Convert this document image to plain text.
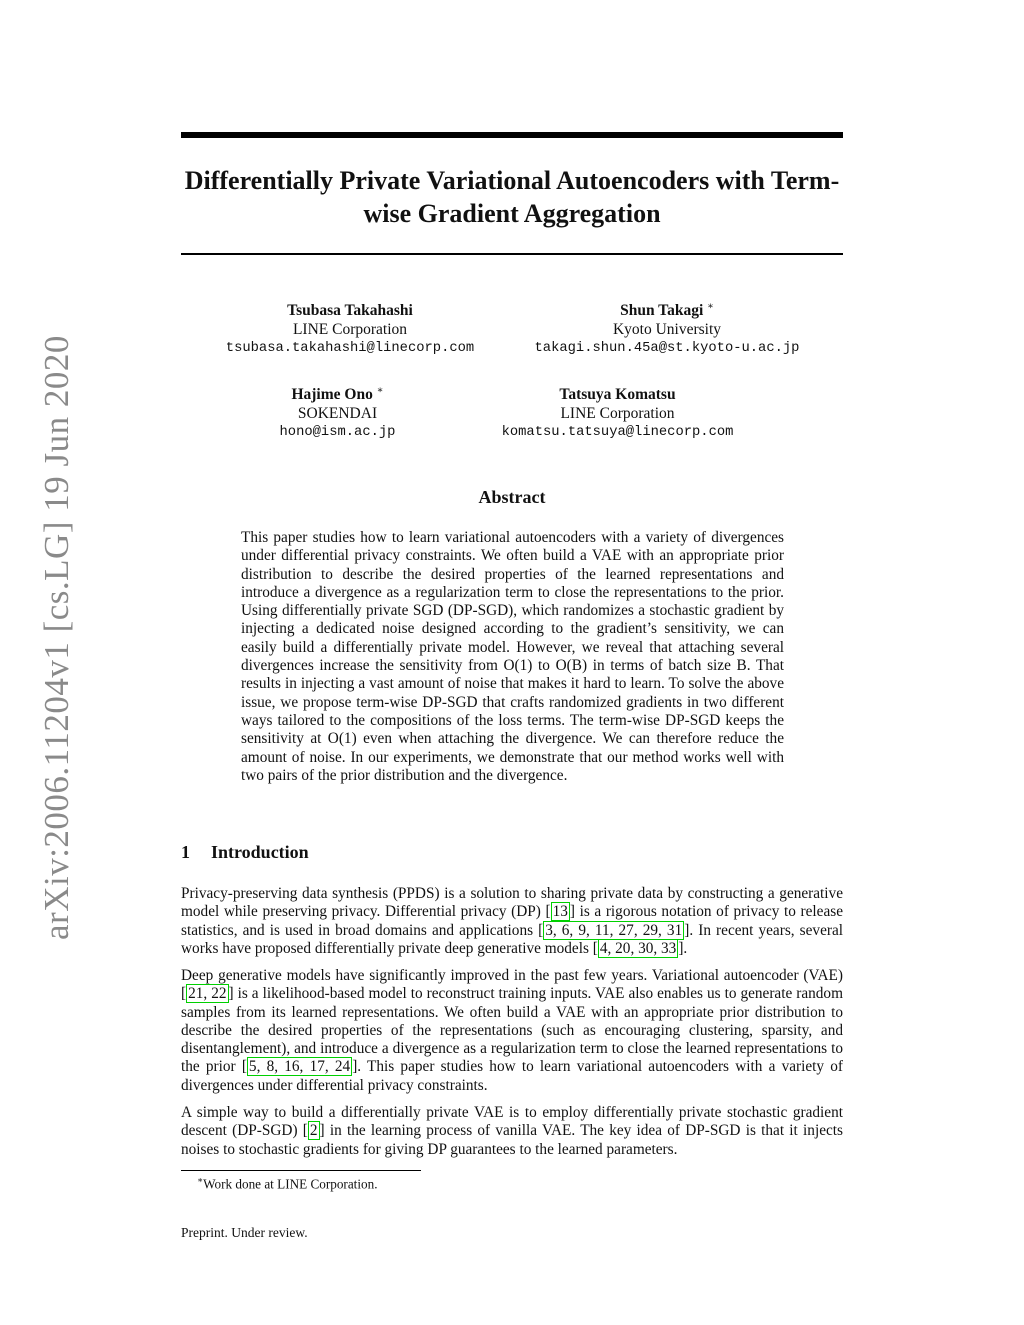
arXiv:2006.11204v1 [cs.LG] 19 Jun 2020
Differentially Private Variational Autoencoders with Term-wise Gradient Aggregation
Tsubasa Takahashi
LINE Corporation
tsubasa.takahashi@linecorp.com
Shun Takagi ∗
Kyoto University
takagi.shun.45a@st.kyoto-u.ac.jp
Hajime Ono ∗
SOKENDAI
hono@ism.ac.jp
Tatsuya Komatsu
LINE Corporation
komatsu.tatsuya@linecorp.com
Abstract
This paper studies how to learn variational autoencoders with a variety of divergences under differential privacy constraints. We often build a VAE with an appropriate prior distribution to describe the desired properties of the learned representations and introduce a divergence as a regularization term to close the representations to the prior. Using differentially private SGD (DP-SGD), which randomizes a stochastic gradient by injecting a dedicated noise designed according to the gradient’s sensitivity, we can easily build a differentially private model. However, we reveal that attaching several divergences increase the sensitivity from O(1) to O(B) in terms of batch size B. That results in injecting a vast amount of noise that makes it hard to learn. To solve the above issue, we propose term-wise DP-SGD that crafts randomized gradients in two different ways tailored to the compositions of the loss terms. The term-wise DP-SGD keeps the sensitivity at O(1) even when attaching the divergence. We can therefore reduce the amount of noise. In our experiments, we demonstrate that our method works well with two pairs of the prior distribution and the divergence.
1 Introduction
Privacy-preserving data synthesis (PPDS) is a solution to sharing private data by constructing a generative model while preserving privacy. Differential privacy (DP) [ 13 ] is a rigorous notation of privacy to release statistics, and is used in broad domains and applications [ 3, 6, 9, 11, 27, 29, 31 ]. In recent years, several works have proposed differentially private deep generative models [ 4, 20, 30, 33 ].
Deep generative models have significantly improved in the past few years. Variational autoencoder (VAE) [ 21, 22 ] is a likelihood-based model to reconstruct training inputs. VAE also enables us to generate random samples from its learned representations. We often build a VAE with an appropriate prior distribution to describe the desired properties of the representations (such as encouraging clustering, sparsity, and disentanglement), and introduce a divergence as a regularization term to close the learned representations to the prior [ 5, 8, 16, 17, 24 ]. This paper studies how to learn variational autoencoders with a variety of divergences under differential privacy constraints.
A simple way to build a differentially private VAE is to employ differentially private stochastic gradient descent (DP-SGD) [ 2 ] in the learning process of vanilla VAE. The key idea of DP-SGD is that it injects noises to stochastic gradients for giving DP guarantees to the learned parameters.
∗Work done at LINE Corporation.
Preprint. Under review.
